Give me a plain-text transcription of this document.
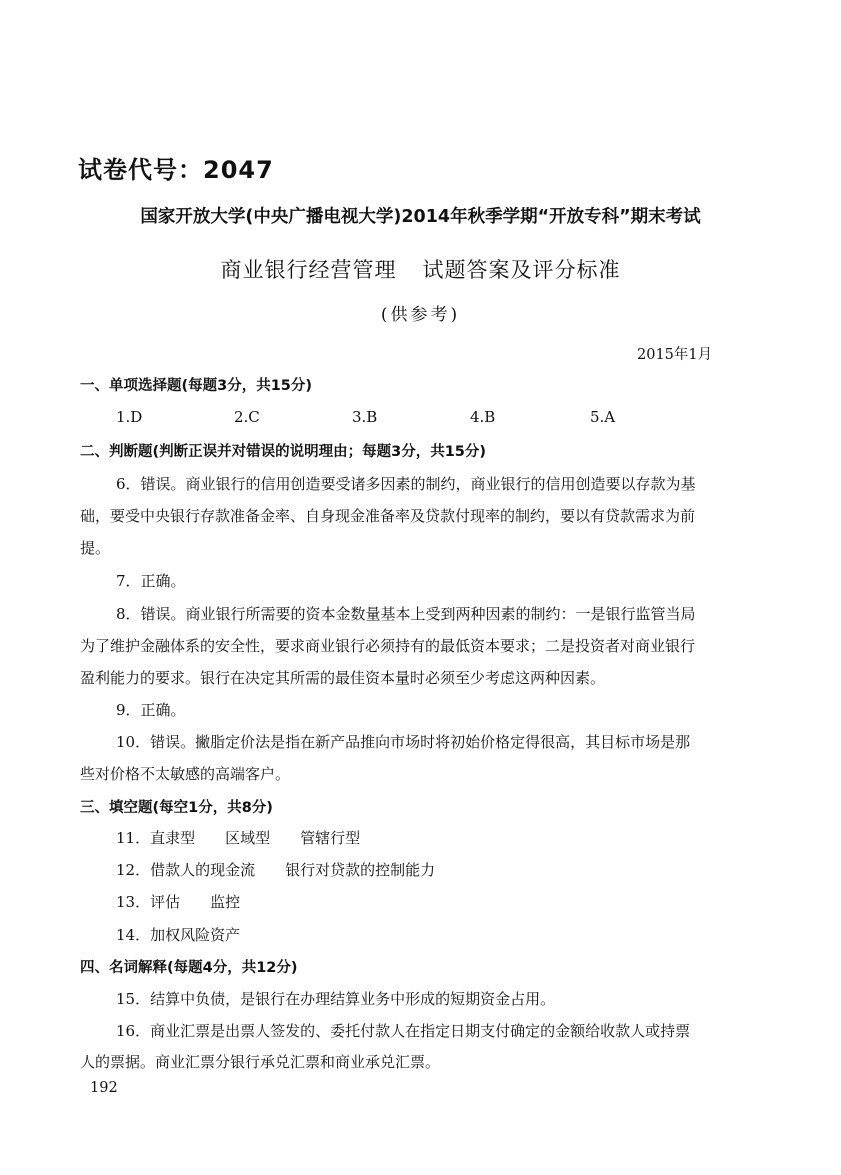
试卷代号：2047
国家开放大学(中央广播电视大学)2014年秋季学期“开放专科”期末考试
商业银行经营管理 试题答案及评分标准
(供参考)
2015年1月
一、单项选择题(每题3分，共15分)
1.D	2.C	3.B	4.B	5.A
二、判断题(判断正误并对错误的说明理由；每题3分，共15分)
6．错误。商业银行的信用创造要受诸多因素的制约，商业银行的信用创造要以存款为基
础，要受中央银行存款准备金率、自身现金准备率及贷款付现率的制约，要以有贷款需求为前
提。
7．正确。
8．错误。商业银行所需要的资本金数量基本上受到两种因素的制约：一是银行监管当局
为了维护金融体系的安全性，要求商业银行必须持有的最低资本要求；二是投资者对商业银行
盈利能力的要求。银行在决定其所需的最佳资本量时必须至少考虑这两种因素。
9．正确。
10．错误。撇脂定价法是指在新产品推向市场时将初始价格定得很高，其目标市场是那
些对价格不太敏感的高端客户。
三、填空题(每空1分，共8分)
11．直隶型　　区域型　　管辖行型
12．借款人的现金流　　银行对贷款的控制能力
13．评估　　监控
14．加权风险资产
四、名词解释(每题4分，共12分)
15．结算中负债，是银行在办理结算业务中形成的短期资金占用。
16．商业汇票是出票人签发的、委托付款人在指定日期支付确定的金额给收款人或持票
人的票据。商业汇票分银行承兑汇票和商业承兑汇票。
192
